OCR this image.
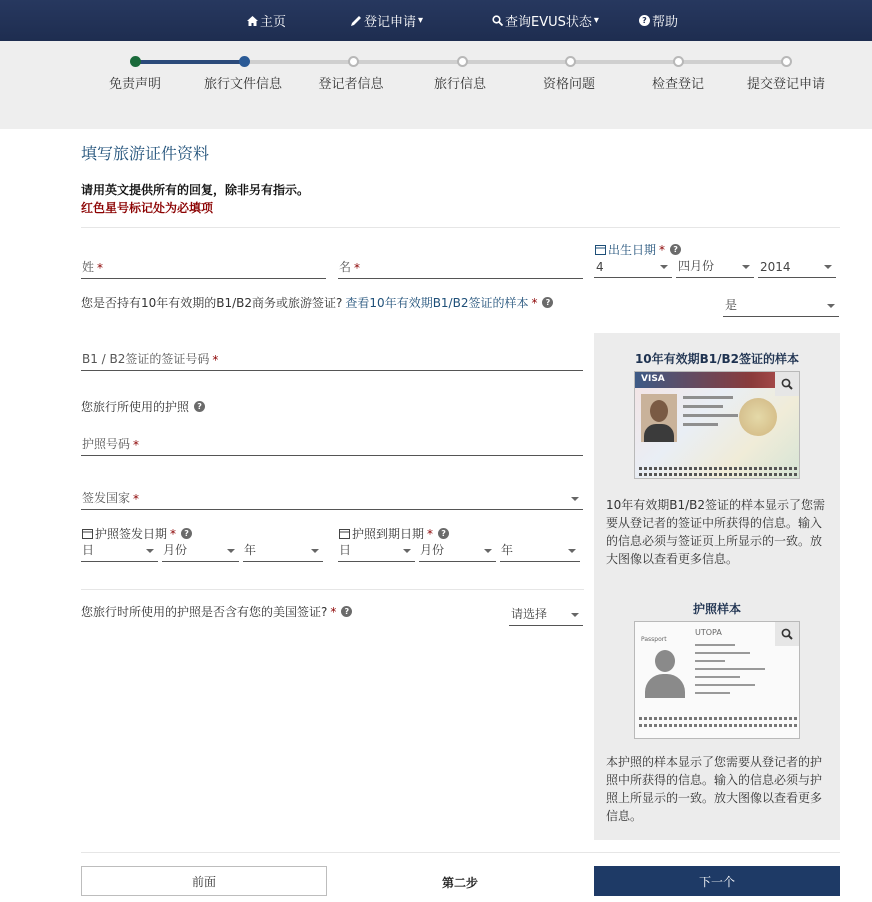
主页	登记申请 ▾	查询EVUS状态 ▾	? 帮助
免责声明	旅行文件信息	登记者信息	旅行信息	资格问题	检查登记	提交登记申请
填写旅游证件资料
请用英文提供所有的回复，除非另有指示。
红色星号标记处为必填项
姓 *	名 *
出生日期 *	?
4	四月份	2014
您是否持有10年有效期的B1/B2商务或旅游签证? 查看10年有效期B1/B2签证的样本 *	?	是
B1 / B2签证的签证号码 *
您旅行所使用的护照	?
护照号码 *
签发国家 *
护照签发日期 *	?
日	月份	年
护照到期日期 *	?
日	月份	年
您旅行时所使用的护照是否含有您的美国签证? *	?	请选择
10年有效期B1/B2签证的样本
VISA
10年有效期B1/B2签证的样本显示了您需要从登记者的签证中所获得的信息。输入的信息必须与签证页上所显示的一致。放大图像以查看更多信息。
护照样本
UTOPA
Passport
本护照的样本显示了您需要从登记者的护照中所获得的信息。输入的信息必须与护照上所显示的一致。放大图像以查看更多信息。
前面	第二步	下一个
